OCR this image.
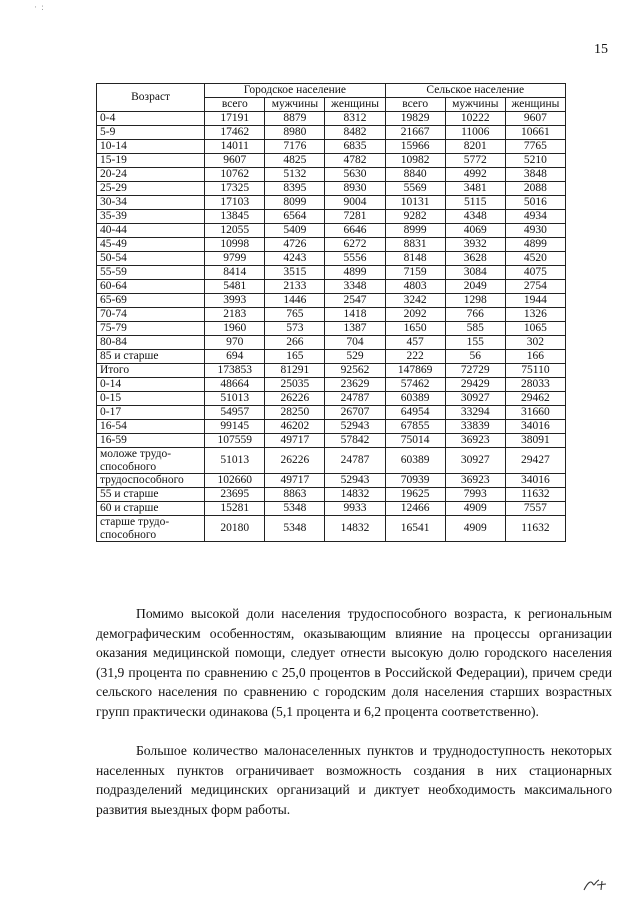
· :
15
Возраст	Городское население			Сельское население		
	всего	мужчины	женщины	всего	мужчины	женщины
0-4	17191	8879	8312	19829	10222	9607
5-9	17462	8980	8482	21667	11006	10661
10-14	14011	7176	6835	15966	8201	7765
15-19	9607	4825	4782	10982	5772	5210
20-24	10762	5132	5630	8840	4992	3848
25-29	17325	8395	8930	5569	3481	2088
30-34	17103	8099	9004	10131	5115	5016
35-39	13845	6564	7281	9282	4348	4934
40-44	12055	5409	6646	8999	4069	4930
45-49	10998	4726	6272	8831	3932	4899
50-54	9799	4243	5556	8148	3628	4520
55-59	8414	3515	4899	7159	3084	4075
60-64	5481	2133	3348	4803	2049	2754
65-69	3993	1446	2547	3242	1298	1944
70-74	2183	765	1418	2092	766	1326
75-79	1960	573	1387	1650	585	1065
80-84	970	266	704	457	155	302
85 и старше	694	165	529	222	56	166
Итого	173853	81291	92562	147869	72729	75110
0-14	48664	25035	23629	57462	29429	28033
0-15	51013	26226	24787	60389	30927	29462
0-17	54957	28250	26707	64954	33294	31660
16-54	99145	46202	52943	67855	33839	34016
16-59	107559	49717	57842	75014	36923	38091
моложе трудо-способного	51013	26226	24787	60389	30927	29427
трудоспособного	102660	49717	52943	70939	36923	34016
55 и старше	23695	8863	14832	19625	7993	11632
60 и старше	15281	5348	9933	12466	4909	7557
старше трудо-способного	20180	5348	14832	16541	4909	11632

Помимо высокой доли населения трудоспособного возраста, к региональным демографическим особенностям, оказывающим влияние на процессы организации оказания медицинской помощи, следует отнести высокую долю городского населения (31,9 процента по сравнению с 25,0 процентов в Российской Федерации), причем среди сельского населения по сравнению с городским доля населения старших возрастных групп практически одинакова (5,1 процента и 6,2 процента соответственно).

Большое количество малонаселенных пунктов и труднодоступность некоторых населенных пунктов ограничивает возможность создания в них стационарных подразделений медицинских организаций и диктует необходимость максимального развития выездных форм работы.
